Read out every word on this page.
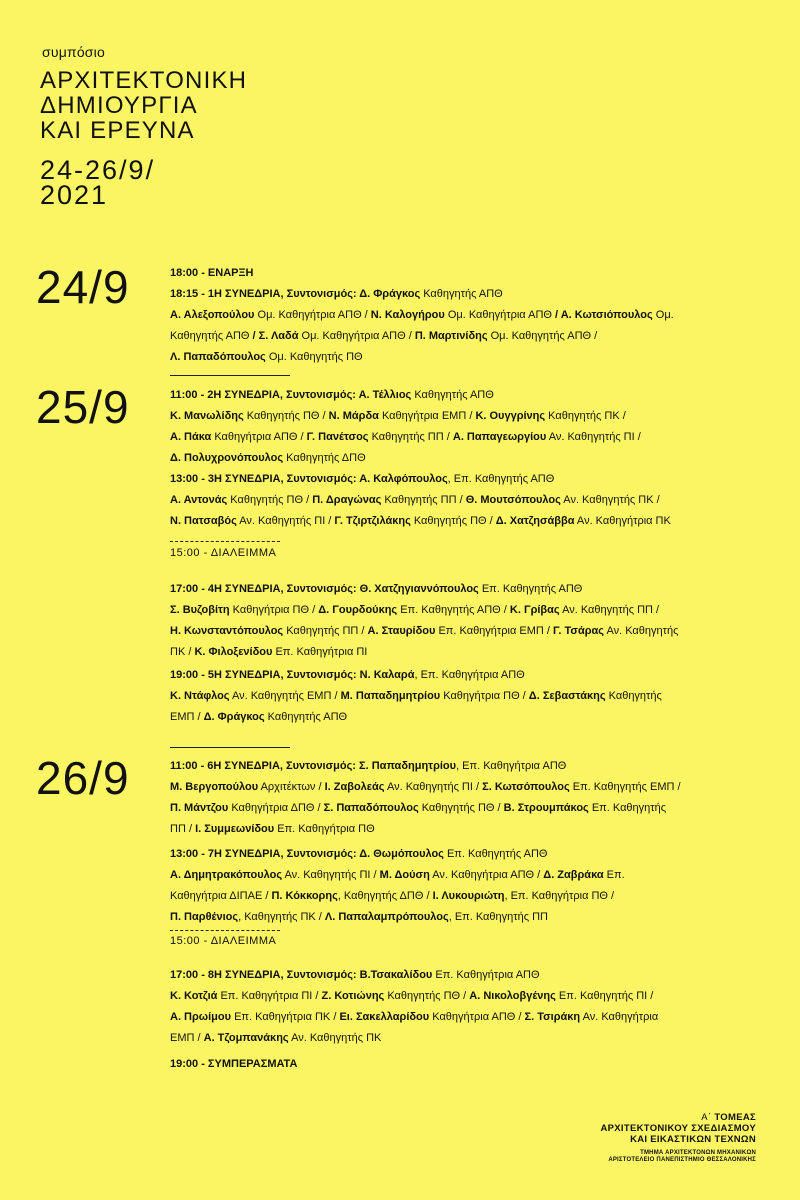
συμπόσιο
ΑΡΧΙΤΕΚΤΟΝΙΚΗ
ΔΗΜΙΟΥΡΓΙΑ
ΚΑΙ ΕΡΕΥΝΑ
24-26/9/
2021
24/9	18:00 - ΕΝΑΡΞΗ

18:15 - 1Η ΣΥΝΕΔΡΙΑ, Συντονισμός: Δ. Φράγκος Καθηγητής ΑΠΘ

Α. Αλεξοπούλου Ομ. Καθηγήτρια ΑΠΘ / Ν. Καλογήρου Ομ. Καθηγήτρια ΑΠΘ / Α. Κωτσιόπουλος Ομ.

Καθηγητής ΑΠΘ / Σ. Λαδά Ομ. Καθηγήτρια ΑΠΘ / Π. Μαρτινίδης Ομ. Καθηγητής ΑΠΘ /

Λ. Παπαδόπουλος Ομ. Καθηγητής ΠΘ

25/9	11:00 - 2Η ΣΥΝΕΔΡΙΑ, Συντονισμός: Α. Τέλλιος Καθηγητής ΑΠΘ

Κ. Μανωλίδης Καθηγητής ΠΘ / Ν. Μάρδα Καθηγήτρια ΕΜΠ / Κ. Ουγγρίνης Καθηγητής ΠΚ /

Α. Πάκα Καθηγήτρια ΑΠΘ / Γ. Πανέτσος Καθηγητής ΠΠ / Α. Παπαγεωργίου Αν. Καθηγητής ΠΙ /

Δ. Πολυχρονόπουλος Καθηγητής ΔΠΘ

13:00 - 3Η ΣΥΝΕΔΡΙΑ, Συντονισμός: Α. Καλφόπουλος, Επ. Καθηγητής ΑΠΘ

Α. Αντονάς Καθηγητής ΠΘ / Π. Δραγώνας Καθηγητής ΠΠ / Θ. Μουτσόπουλος Αν. Καθηγητής ΠΚ /

Ν. Πατσαβός Αν. Καθηγητής ΠΙ / Γ. Τζιρτζιλάκης Καθηγητής ΠΘ / Δ. Χατζησάββα Αν. Καθηγήτρια ΠΚ

15:00 - ΔΙΑΛΕΙΜΜΑ

17:00 - 4Η ΣΥΝΕΔΡΙΑ, Συντονισμός: Θ. Χατζηγιαννόπουλος Επ. Καθηγητής ΑΠΘ

Σ. Βυζοβίτη Καθηγήτρια ΠΘ / Δ. Γουρδούκης Επ. Καθηγητής ΑΠΘ / Κ. Γρίβας Αν. Καθηγητής ΠΠ /

Η. Κωνσταντόπουλος Καθηγητής ΠΠ / Α. Σταυρίδου Επ. Καθηγήτρια ΕΜΠ / Γ. Τσάρας Αν. Καθηγητής

ΠΚ / Κ. Φιλοξενίδου Επ. Καθηγήτρια ΠΙ

19:00 - 5Η ΣΥΝΕΔΡΙΑ, Συντονισμός: Ν. Καλαρά, Επ. Καθηγήτρια ΑΠΘ

Κ. Ντάφλος Αν. Καθηγητής ΕΜΠ / Μ. Παπαδημητρίου Καθηγήτρια ΠΘ / Δ. Σεβαστάκης Καθηγητής

ΕΜΠ / Δ. Φράγκος Καθηγητής ΑΠΘ

26/9	11:00 - 6Η ΣΥΝΕΔΡΙΑ, Συντονισμός: Σ. Παπαδημητρίου, Επ. Καθηγήτρια ΑΠΘ

Μ. Βεργοπούλου Αρχιτέκτων / Ι. Ζαβολεάς Αν. Καθηγητής ΠΙ / Σ. Κωτσόπουλος Επ. Καθηγητής ΕΜΠ /

Π. Μάντζου Καθηγήτρια ΔΠΘ / Σ. Παπαδόπουλος Καθηγητής ΠΘ / Β. Στρουμπάκος Επ. Καθηγητής

ΠΠ / Ι. Συμμεωνίδου Επ. Καθηγήτρια ΠΘ

13:00 - 7Η ΣΥΝΕΔΡΙΑ, Συντονισμός: Δ. Θωμόπουλος Επ. Καθηγητής ΑΠΘ

Α. Δημητρακόπουλος Αν. Καθηγητής ΠΙ / Μ. Δούση Αν. Καθηγήτρια ΑΠΘ / Δ. Ζαβράκα Επ.

Καθηγήτρια ΔΙΠΑΕ / Π. Κόκκορης, Καθηγητής ΔΠΘ / Ι. Λυκουριώτη, Επ. Καθηγήτρια ΠΘ /

Π. Παρθένιος, Καθηγητής ΠΚ / Λ. Παπαλαμπρόπουλος, Επ. Καθηγητής ΠΠ

15:00 - ΔΙΑΛΕΙΜΜΑ

17:00 - 8Η ΣΥΝΕΔΡΙΑ, Συντονισμός: Β.Τσακαλίδου Επ. Καθηγήτρια ΑΠΘ

Κ. Κοτζιά Επ. Καθηγήτρια ΠΙ / Ζ. Κοτιώνης Καθηγητής ΠΘ / Α. Νικολοβγένης Επ. Καθηγητής ΠΙ /

Α. Πρωίμου Επ. Καθηγήτρια ΠΚ / Ει. Σακελλαρίδου Καθηγήτρια ΑΠΘ / Σ. Τσιράκη Αν. Καθηγήτρια

ΕΜΠ / Α. Τζομπανάκης Αν. Καθηγητής ΠΚ

19:00 - ΣΥΜΠΕΡΑΣΜΑΤΑ

Α΄ ΤΟΜΕΑΣ
ΑΡΧΙΤΕΚΤΟΝΙΚΟΥ ΣΧΕΔΙΑΣΜΟΥ
ΚΑΙ ΕΙΚΑΣΤΙΚΩΝ ΤΕΧΝΩΝ
ΤΜΗΜΑ ΑΡΧΙΤΕΚΤΟΝΩΝ ΜΗΧΑΝΙΚΩΝ
ΑΡΙΣΤΟΤΕΛΕΙΟ ΠΑΝΕΠΙΣΤΗΜΙΟ ΘΕΣΣΑΛΟΝΙΚΗΣ
